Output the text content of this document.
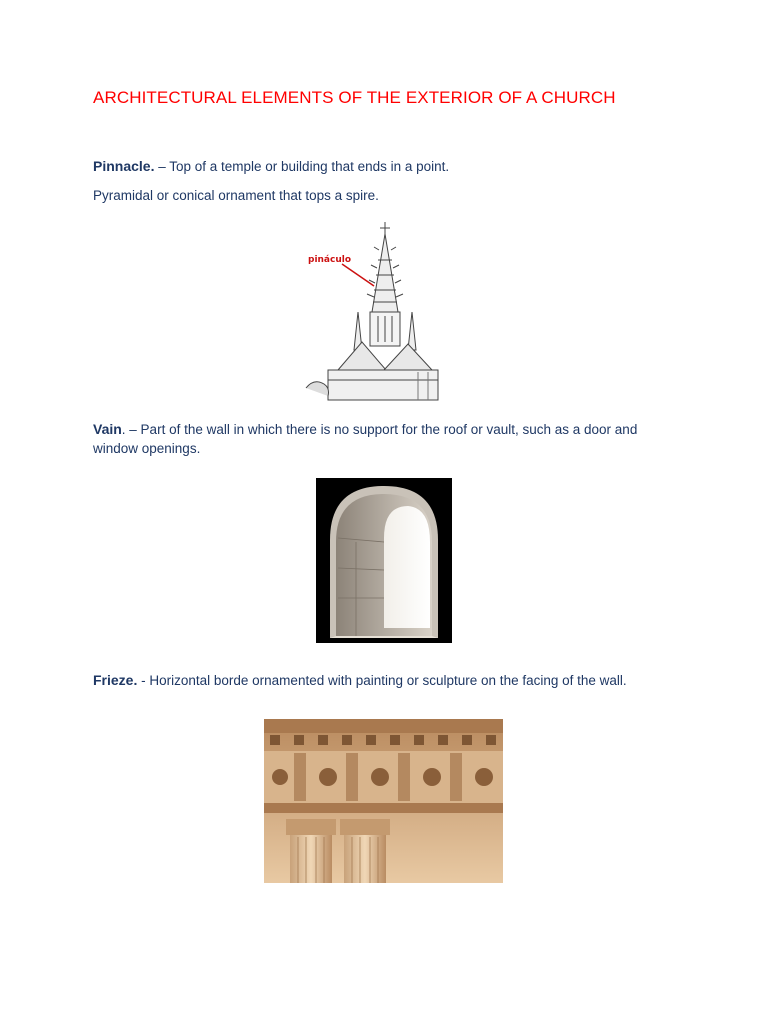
ARCHITECTURAL ELEMENTS OF THE EXTERIOR OF A CHURCH
Pinnacle. – Top of a temple or building that ends in a point.
Pyramidal or conical ornament that tops a spire.
pináculo
Vain. – Part of the wall in which there is no support for the roof or vault, such as a door and window openings.
Frieze. - Horizontal borde ornamented with painting or sculpture on the facing of the wall.
